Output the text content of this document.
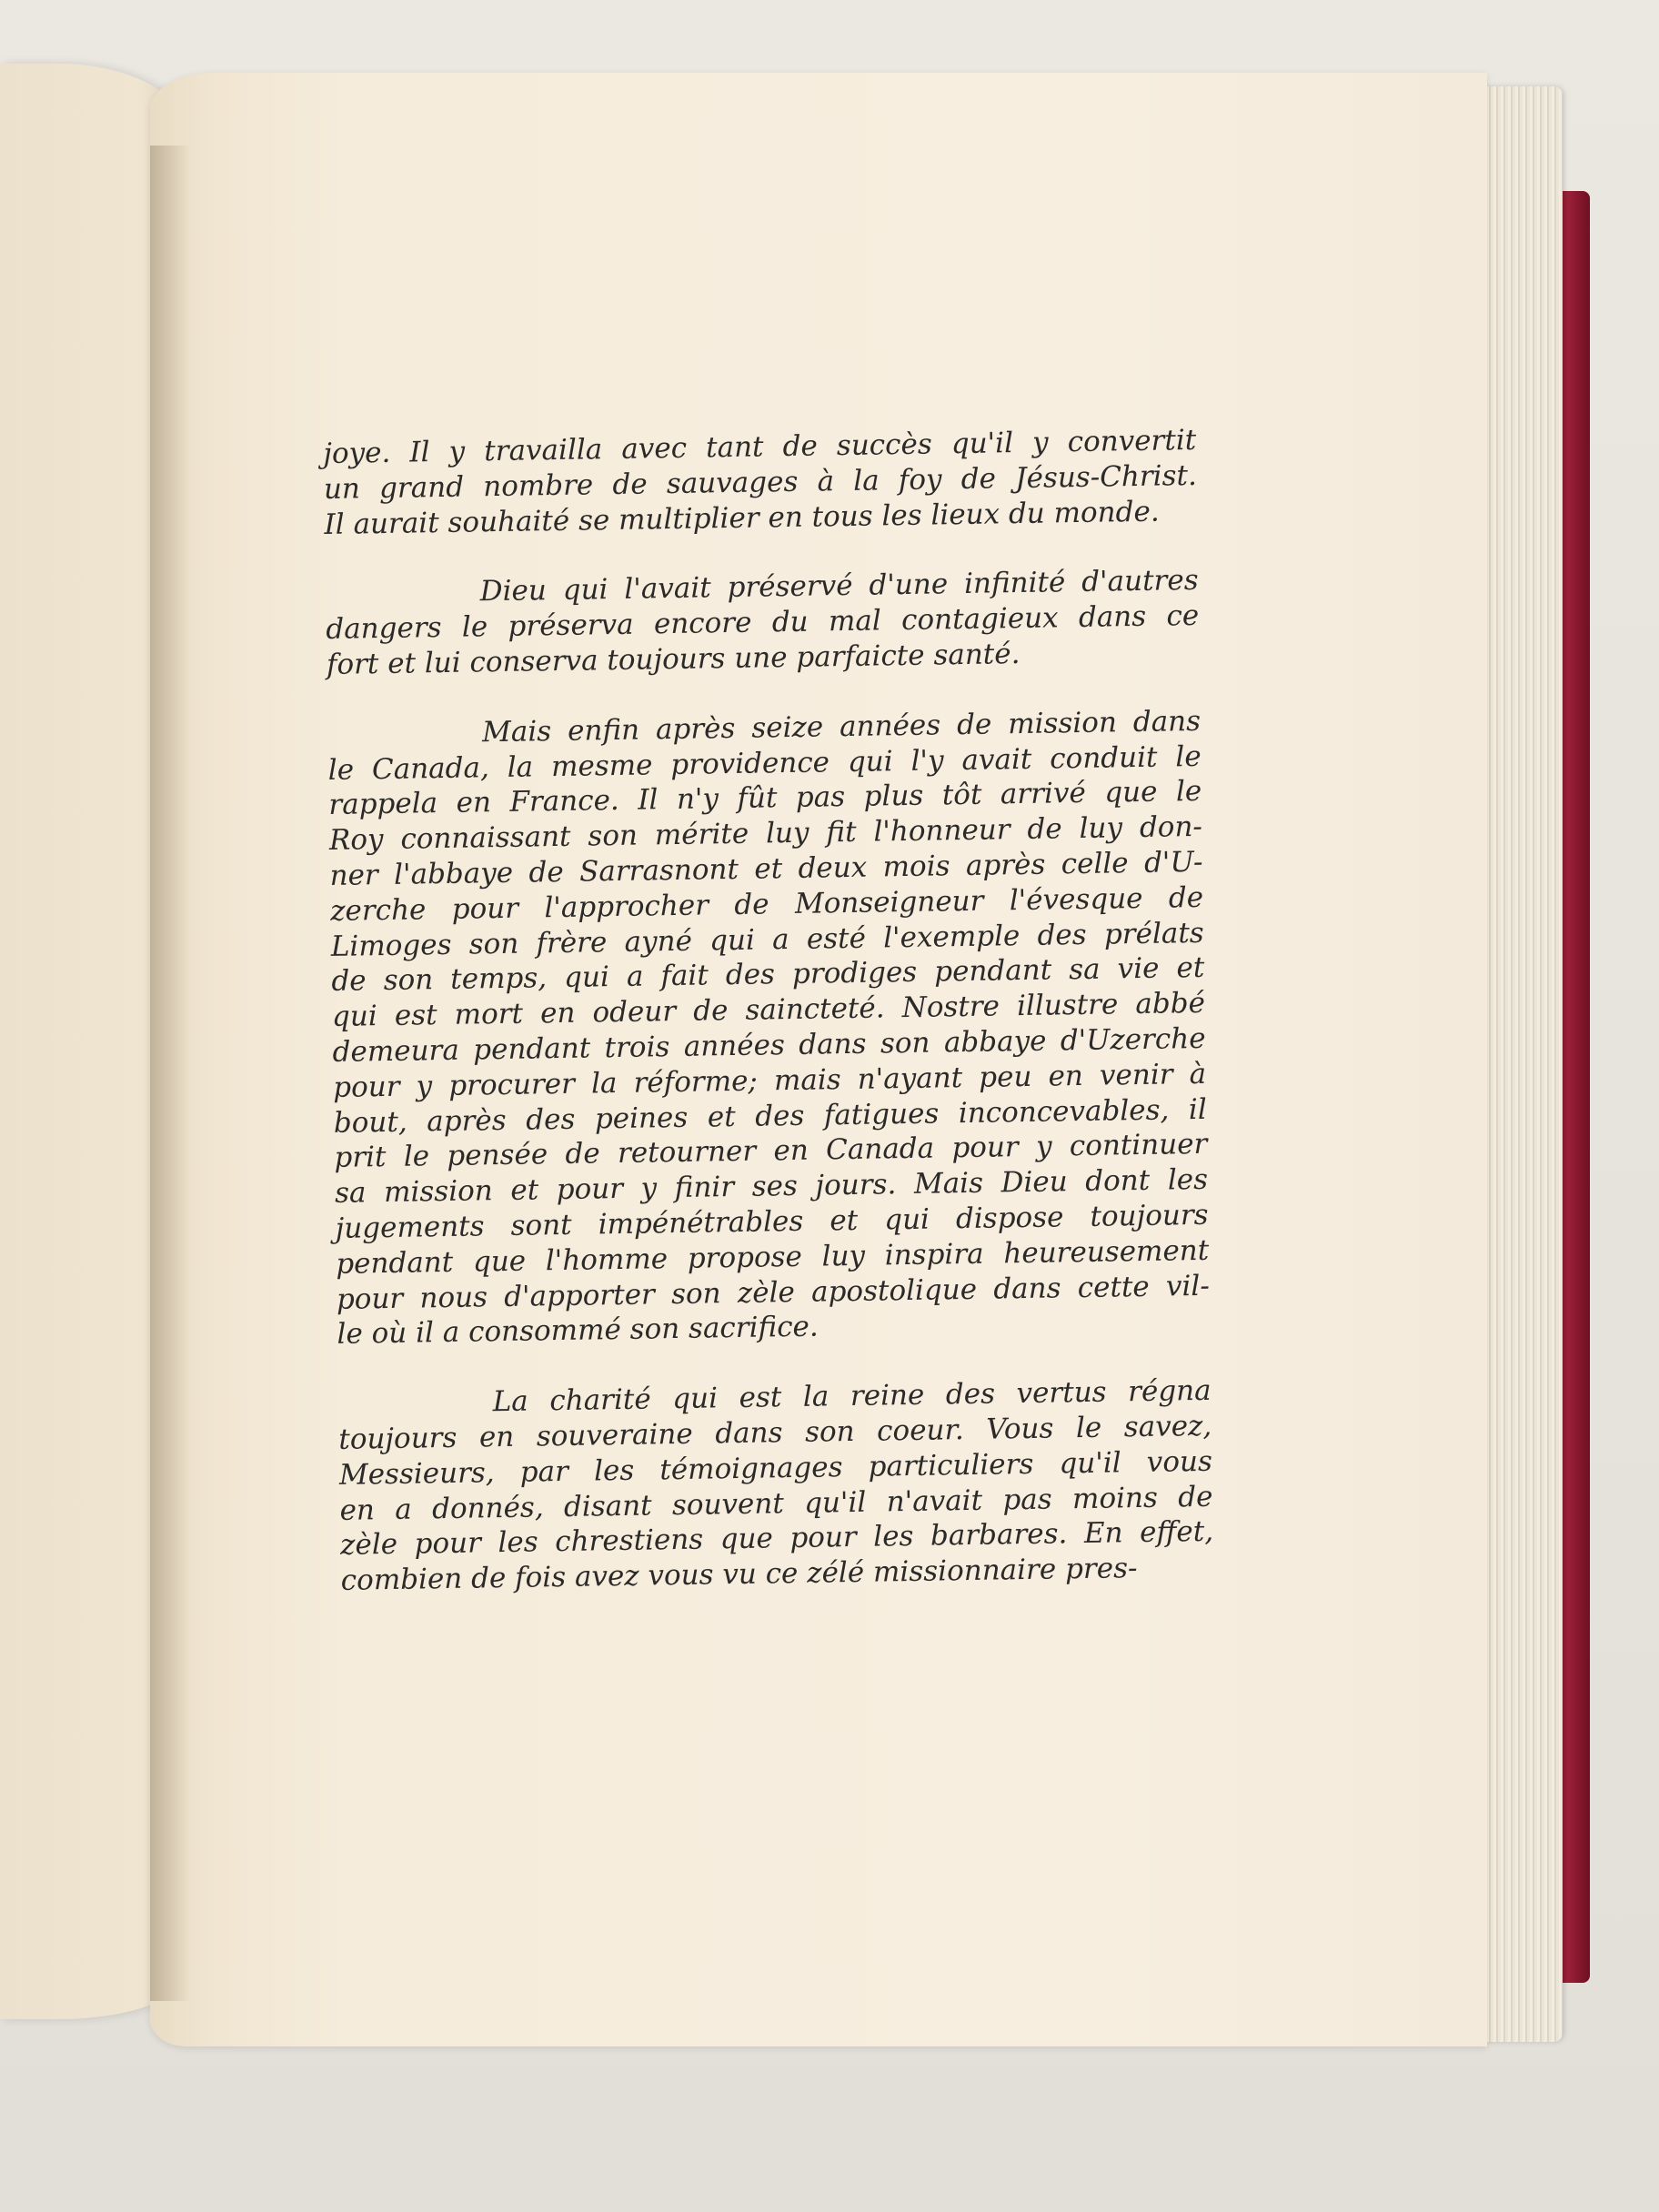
joye. Il y travailla avec tant de succès qu'il y convertit
un grand nombre de sauvages à la foy de Jésus-Christ.
Il aurait souhaité se multiplier en tous les lieux du monde.
Dieu qui l'avait préservé d'une infinité d'autres
dangers le préserva encore du mal contagieux dans ce
fort et lui conserva toujours une parfaicte santé.
Mais enfin après seize années de mission dans
le Canada, la mesme providence qui l'y avait conduit le
rappela en France. Il n'y fût pas plus tôt arrivé que le
Roy connaissant son mérite luy fit l'honneur de luy don-
ner l'abbaye de Sarrasnont et deux mois après celle d'U-
zerche pour l'approcher de Monseigneur l'évesque de
Limoges son frère ayné qui a esté l'exemple des prélats
de son temps, qui a fait des prodiges pendant sa vie et
qui est mort en odeur de saincteté. Nostre illustre abbé
demeura pendant trois années dans son abbaye d'Uzerche
pour y procurer la réforme; mais n'ayant peu en venir à
bout, après des peines et des fatigues inconcevables, il
prit le pensée de retourner en Canada pour y continuer
sa mission et pour y finir ses jours. Mais Dieu dont les
jugements sont impénétrables et qui dispose toujours
pendant que l'homme propose luy inspira heureusement
pour nous d'apporter son zèle apostolique dans cette vil-
le où il a consommé son sacrifice.
La charité qui est la reine des vertus régna
toujours en souveraine dans son coeur. Vous le savez,
Messieurs, par les témoignages particuliers qu'il vous
en a donnés, disant souvent qu'il n'avait pas moins de
zèle pour les chrestiens que pour les barbares. En effet,
combien de fois avez vous vu ce zélé missionnaire pres-
